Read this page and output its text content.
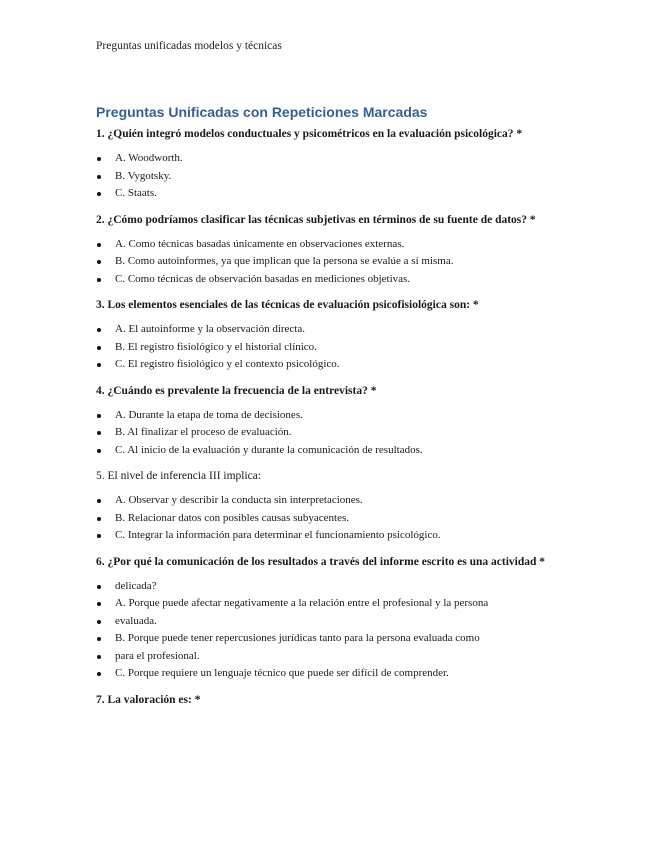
Preguntas unificadas modelos y técnicas
Preguntas Unificadas con Repeticiones Marcadas
1. ¿Quién integró modelos conductuales y psicométricos en la evaluación psicológica? *
A. Woodworth.
B. Vygotsky.
C. Staats.
2. ¿Cómo podríamos clasificar las técnicas subjetivas en términos de su fuente de datos? *
A. Como técnicas basadas únicamente en observaciones externas.
B. Como autoinformes, ya que implican que la persona se evalúe a sí misma.
C. Como técnicas de observación basadas en mediciones objetivas.
3. Los elementos esenciales de las técnicas de evaluación psicofisiológica son: *
A. El autoinforme y la observación directa.
B. El registro fisiológico y el historial clínico.
C. El registro fisiológico y el contexto psicológico.
4. ¿Cuándo es prevalente la frecuencia de la entrevista? *
A. Durante la etapa de toma de decisiones.
B. Al finalizar el proceso de evaluación.
C. Al inicio de la evaluación y durante la comunicación de resultados.
5. El nivel de inferencia III implica:
A. Observar y describir la conducta sin interpretaciones.
B. Relacionar datos con posibles causas subyacentes.
C. Integrar la información para determinar el funcionamiento psicológico.
6. ¿Por qué la comunicación de los resultados a través del informe escrito es una actividad *
delicada?
A. Porque puede afectar negativamente a la relación entre el profesional y la persona
evaluada.
B. Porque puede tener repercusiones jurídicas tanto para la persona evaluada como
para el profesional.
C. Porque requiere un lenguaje técnico que puede ser difícil de comprender.
7. La valoración es: *
